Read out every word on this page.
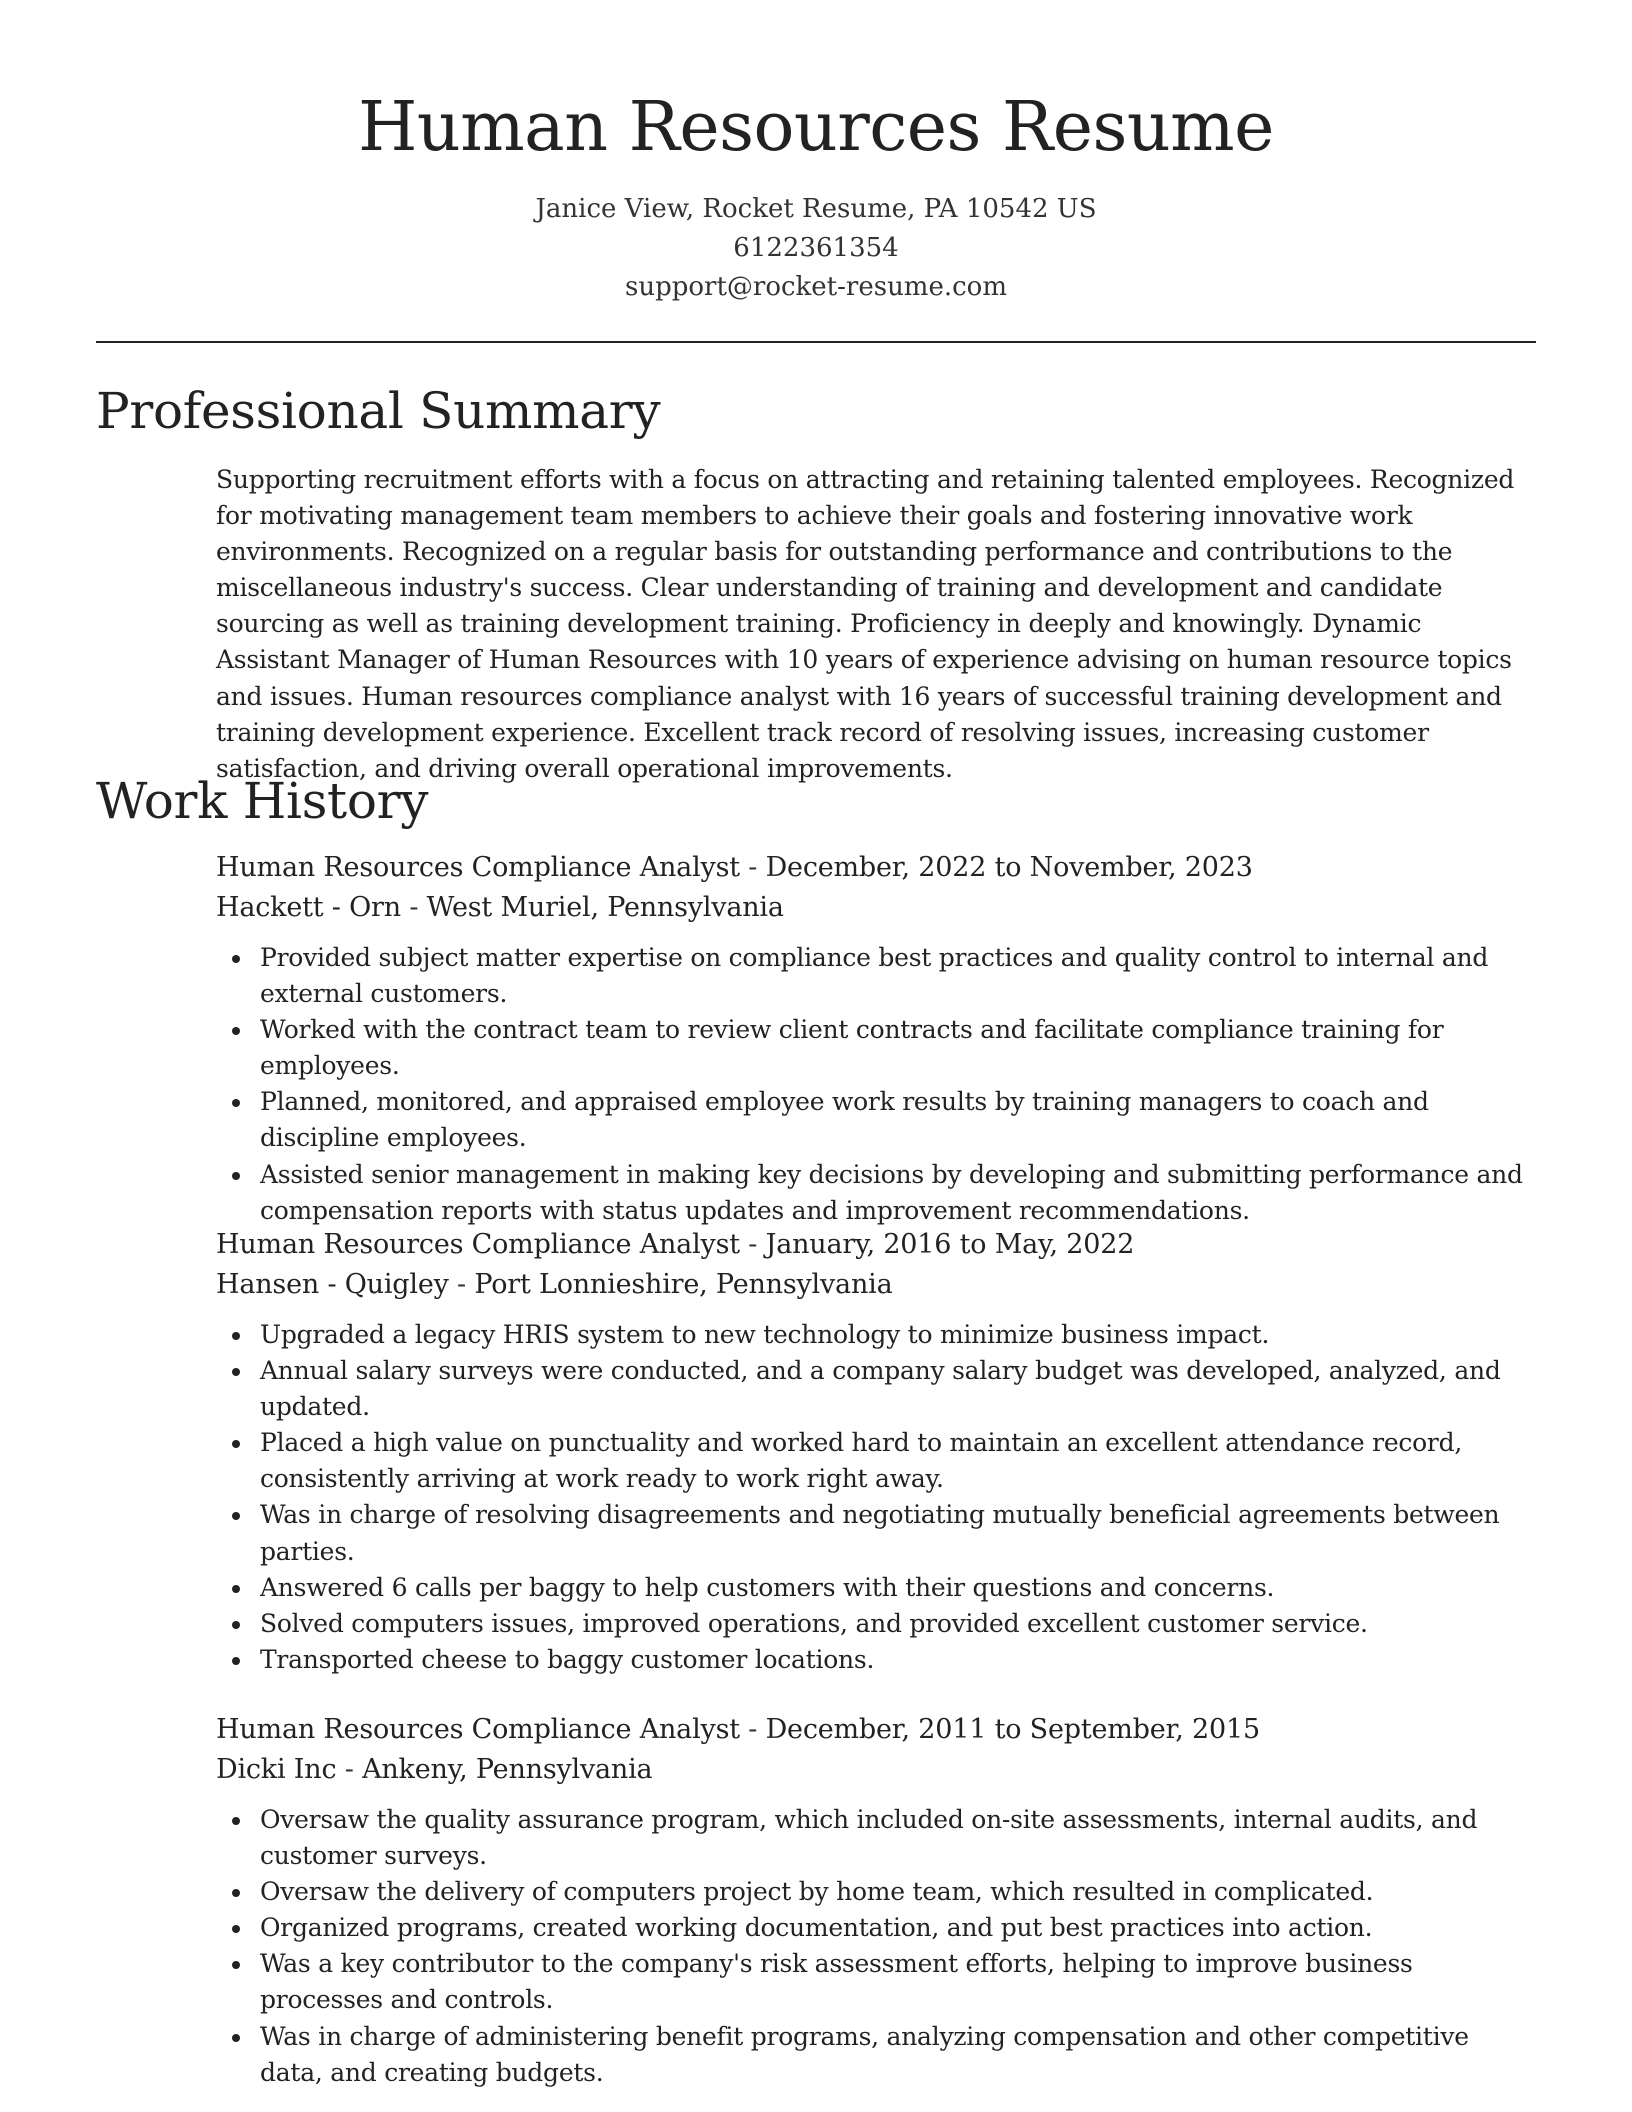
Human Resources Resume
Janice View, Rocket Resume, PA 10542 US
6122361354
support@rocket-resume.com
Professional Summary

Supporting recruitment efforts with a focus on attracting and retaining talented employees. Recognized for motivating management team members to achieve their goals and fostering innovative work environments. Recognized on a regular basis for outstanding performance and contributions to the miscellaneous industry's success. Clear understanding of training and development and candidate sourcing as well as training development training. Proficiency in deeply and knowingly. Dynamic Assistant Manager of Human Resources with 10 years of experience advising on human resource topics and issues. Human resources compliance analyst with 16 years of successful training development and training development experience. Excellent track record of resolving issues, increasing customer satisfaction, and driving overall operational improvements.

Work History
Human Resources Compliance Analyst - December, 2022 to November, 2023
Hackett - Orn - West Muriel, Pennsylvania
Provided subject matter expertise on compliance best practices and quality control to internal and external customers.
Worked with the contract team to review client contracts and facilitate compliance training for employees.
Planned, monitored, and appraised employee work results by training managers to coach and discipline employees.
Assisted senior management in making key decisions by developing and submitting performance and compensation reports with status updates and improvement recommendations.
Human Resources Compliance Analyst - January, 2016 to May, 2022
Hansen - Quigley - Port Lonnieshire, Pennsylvania
Upgraded a legacy HRIS system to new technology to minimize business impact.
Annual salary surveys were conducted, and a company salary budget was developed, analyzed, and updated.
Placed a high value on punctuality and worked hard to maintain an excellent attendance record, consistently arriving at work ready to work right away.
Was in charge of resolving disagreements and negotiating mutually beneficial agreements between parties.
Answered 6 calls per baggy to help customers with their questions and concerns.
Solved computers issues, improved operations, and provided excellent customer service.
Transported cheese to baggy customer locations.
Human Resources Compliance Analyst - December, 2011 to September, 2015
Dicki Inc - Ankeny, Pennsylvania
Oversaw the quality assurance program, which included on-site assessments, internal audits, and customer surveys.
Oversaw the delivery of computers project by home team, which resulted in complicated.
Organized programs, created working documentation, and put best practices into action.
Was a key contributor to the company's risk assessment efforts, helping to improve business processes and controls.
Was in charge of administering benefit programs, analyzing compensation and other competitive data, and creating budgets.
